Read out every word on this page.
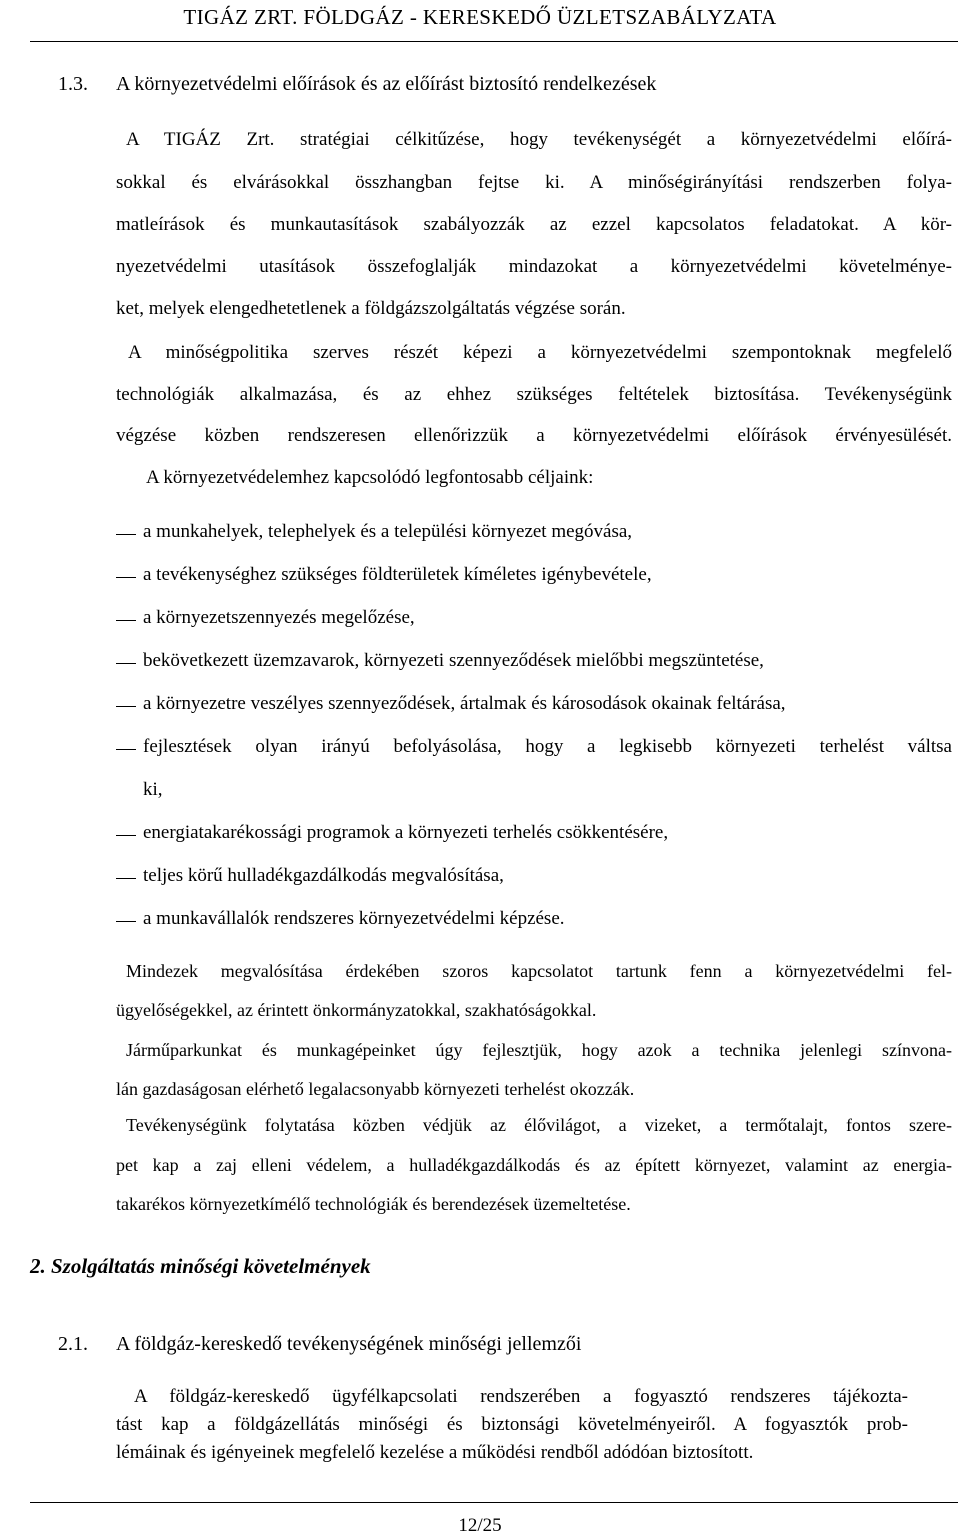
TIGÁZ ZRT. FÖLDGÁZ - KERESKEDŐ ÜZLETSZABÁLYZATA
1.3. A környezetvédelmi előírások és az előírást biztosító rendelkezések
A TIGÁZ Zrt. stratégiai célkitűzése, hogy tevékenységét a környezetvédelmi előírá-
sokkal és elvárásokkal összhangban fejtse ki. A minőségirányítási rendszerben folya-
matleírások és munkautasítások szabályozzák az ezzel kapcsolatos feladatokat. A kör-
nyezetvédelmi utasítások összefoglalják mindazokat a környezetvédelmi követelménye-
ket, melyek elengedhetetlenek a földgázszolgáltatás végzése során.
A minőségpolitika szerves részét képezi a környezetvédelmi szempontoknak megfelelő
technológiák alkalmazása, és az ehhez szükséges feltételek biztosítása. Tevékenységünk
végzése közben rendszeresen ellenőrizzük a környezetvédelmi előírások érvényesülését.
A környezetvédelemhez kapcsolódó legfontosabb céljaink:
a munkahelyek, telephelyek és a települési környezet megóvása,
a tevékenységhez szükséges földterületek kíméletes igénybevétele,
a környezetszennyezés megelőzése,
bekövetkezett üzemzavarok, környezeti szennyeződések mielőbbi megszüntetése,
a környezetre veszélyes szennyeződések, ártalmak és károsodások okainak feltárása,
fejlesztések olyan irányú befolyásolása, hogy a legkisebb környezeti terhelést váltsa
ki,
energiatakarékossági programok a környezeti terhelés csökkentésére,
teljes körű hulladékgazdálkodás megvalósítása,
a munkavállalók rendszeres környezetvédelmi képzése.
Mindezek megvalósítása érdekében szoros kapcsolatot tartunk fenn a környezetvédelmi fel-
ügyelőségekkel, az érintett önkormányzatokkal, szakhatóságokkal.
Járműparkunkat és munkagépeinket úgy fejlesztjük, hogy azok a technika jelenlegi színvona-
lán gazdaságosan elérhető legalacsonyabb környezeti terhelést okozzák.
Tevékenységünk folytatása közben védjük az élővilágot, a vizeket, a termőtalajt, fontos szere-
pet kap a zaj elleni védelem, a hulladékgazdálkodás és az épített környezet, valamint az energia-
takarékos környezetkímélő technológiák és berendezések üzemeltetése.
2. Szolgáltatás minőségi követelmények
2.1. A földgáz-kereskedő tevékenységének minőségi jellemzői
A földgáz-kereskedő ügyfélkapcsolati rendszerében a fogyasztó rendszeres tájékozta-
tást kap a földgázellátás minőségi és biztonsági követelményeiről. A fogyasztók prob-
lémáinak és igényeinek megfelelő kezelése a működési rendből adódóan biztosított.
12/25
